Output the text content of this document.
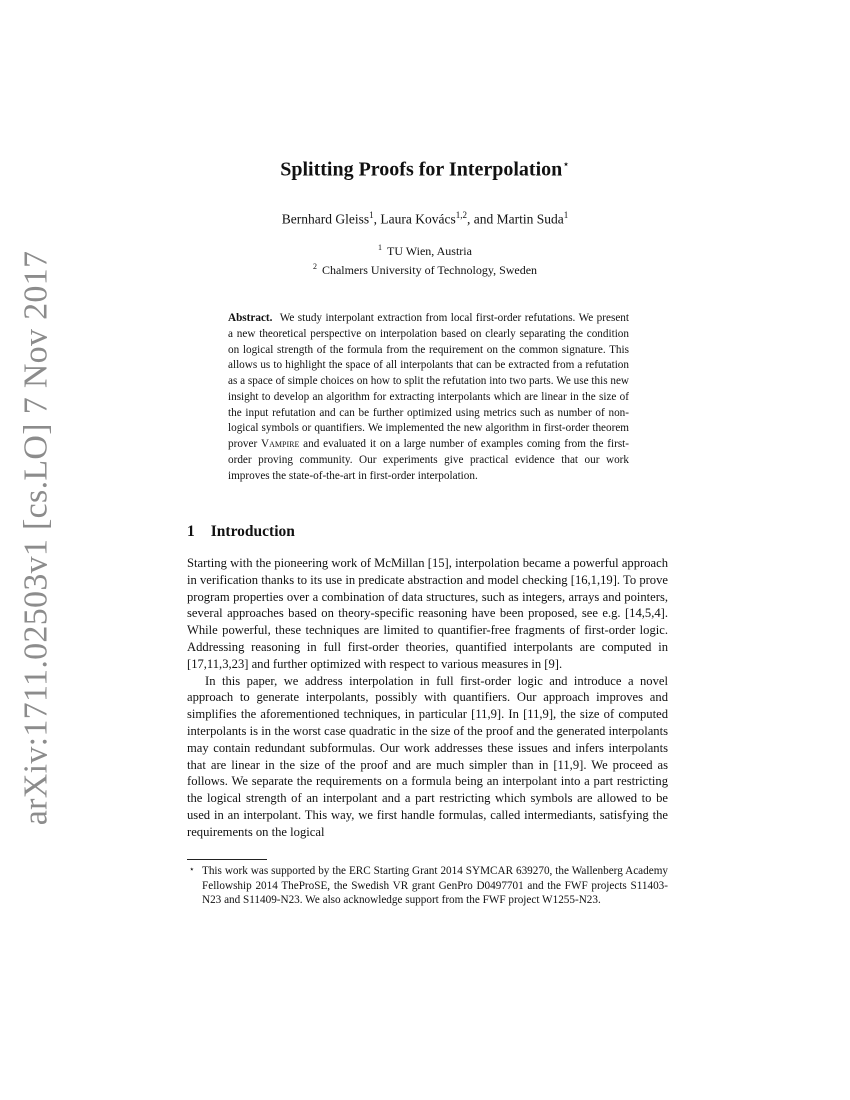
arXiv:1711.02503v1 [cs.LO] 7 Nov 2017
Splitting Proofs for Interpolation⋆
Bernhard Gleiss$^1$, Laura Kovács$^{1,2}$, and Martin Suda$^1$
$^1$ TU Wien, Austria
$^2$ Chalmers University of Technology, Sweden
Abstract. We study interpolant extraction from local first-order refutations. We present a new theoretical perspective on interpolation based on clearly separating the condition on logical strength of the formula from the requirement on the common signature. This allows us to highlight the space of all interpolants that can be extracted from a refutation as a space of simple choices on how to split the refutation into two parts. We use this new insight to develop an algorithm for extracting interpolants which are linear in the size of the input refutation and can be further optimized using metrics such as number of non-logical symbols or quantifiers. We implemented the new algorithm in first-order theorem prover Vampire and evaluated it on a large number of examples coming from the first-order proving community. Our experiments give practical evidence that our work improves the state-of-the-art in first-order interpolation.
1 Introduction

Starting with the pioneering work of McMillan [15], interpolation became a powerful approach in verification thanks to its use in predicate abstraction and model checking [16,1,19]. To prove program properties over a combination of data structures, such as integers, arrays and pointers, several approaches based on theory-specific reasoning have been proposed, see e.g. [14,5,4]. While powerful, these techniques are limited to quantifier-free fragments of first-order logic. Addressing reasoning in full first-order theories, quantified interpolants are computed in [17,11,3,23] and further optimized with respect to various measures in [9].

In this paper, we address interpolation in full first-order logic and introduce a novel approach to generate interpolants, possibly with quantifiers. Our approach improves and simplifies the aforementioned techniques, in particular [11,9]. In [11,9], the size of computed interpolants is in the worst case quadratic in the size of the proof and the generated interpolants may contain redundant subformulas. Our work addresses these issues and infers interpolants that are linear in the size of the proof and are much simpler than in [11,9]. We proceed as follows. We separate the requirements on a formula being an interpolant into a part restricting the logical strength of an interpolant and a part restricting which symbols are allowed to be used in an interpolant. This way, we first handle formulas, called intermediants, satisfying the requirements on the logical

⋆ This work was supported by the ERC Starting Grant 2014 SYMCAR 639270, the Wallenberg Academy Fellowship 2014 TheProSE, the Swedish VR grant GenPro D0497701 and the FWF projects S11403-N23 and S11409-N23. We also acknowledge support from the FWF project W1255-N23.
